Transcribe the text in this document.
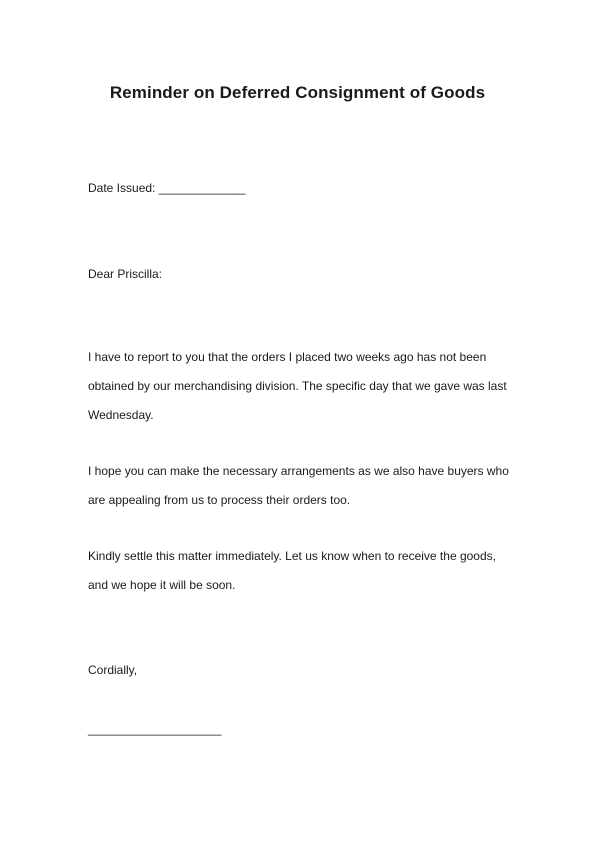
Reminder on Deferred Consignment of Goods
Date Issued: _____________
Dear Priscilla:
I have to report to you that the orders I placed two weeks ago has not been
obtained by our merchandising division. The specific day that we gave was last
Wednesday.
I hope you can make the necessary arrangements as we also have buyers who
are appealing from us to process their orders too.
Kindly settle this matter immediately. Let us know when to receive the goods,
and we hope it will be soon.
Cordially,
____________________
